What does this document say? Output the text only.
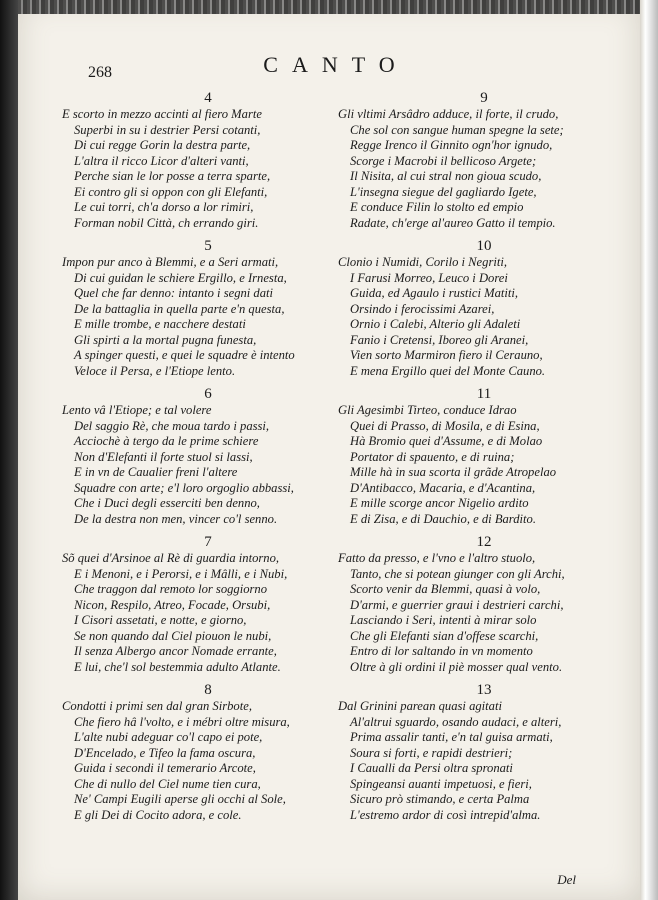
268	CANTO
4
E scorto in mezzo accinti al fiero Marte
Superbi in su i destrier Persi cotanti,
Di cui regge Gorin la destra parte,
L'altra il ricco Licor d'alteri vanti,
Perche sian le lor posse a terra sparte,
Ei contro gli si oppon con gli Elefanti,
Le cui torri, ch'a dorso a lor rimiri,
Forman nobil Città, ch errando giri.
5
Impon pur anco à Blemmi, e a Seri armati,
Di cui guidan le schiere Ergillo, e Irnesta,
Quel che far denno: intanto i segni dati
De la battaglia in quella parte e'n questa,
E mille trombe, e nacchere destati
Gli spirti a la mortal pugna funesta,
A spinger questi, e quei le squadre è intento
Veloce il Persa, e l'Etiope lento.
6
Lento vâ l'Etiope; e tal volere
Del saggio Rè, che moua tardo i passi,
Acciochè à tergo da le prime schiere
Non d'Elefanti il forte stuol si lassi,
E in vn de Caualier freni l'altere
Squadre con arte; e'l loro orgoglio abbassi,
Che i Duci degli esserciti ben denno,
De la destra non men, vincer co'l senno.
7
Sõ quei d'Arsinoe al Rè di guardia intorno,
E i Menoni, e i Perorsi, e i Mâlli, e i Nubi,
Che traggon dal remoto lor soggiorno
Nicon, Respilo, Atreo, Focade, Orsubi,
I Cisori assetati, e notte, e giorno,
Se non quando dal Ciel piouon le nubi,
Il senza Albergo ancor Nomade errante,
E lui, che'l sol bestemmia adulto Atlante.
8
Condotti i primi sen dal gran Sirbote,
Che fiero hâ l'volto, e i mébri oltre misura,
L'alte nubi adeguar co'l capo ei pote,
D'Encelado, e Tifeo la fama oscura,
Guida i secondi il temerario Arcote,
Che di nullo del Ciel nume tien cura,
Ne' Campi Eugili aperse gli occhi al Sole,
E gli Dei di Cocito adora, e cole.
9
Gli vltimi Arsâdro adduce, il forte, il crudo,
Che sol con sangue human spegne la sete;
Regge Irenco il Ginnito ogn'hor ignudo,
Scorge i Macrobi il bellicoso Argete;
Il Nisita, al cui stral non gioua scudo,
L'insegna siegue del gagliardo Igete,
E conduce Filin lo stolto ed empio
Radate, ch'erge al'aureo Gatto il tempio.
10
Clonio i Numidi, Corilo i Negriti,
I Farusi Morreo, Leuco i Dorei
Guida, ed Agaulo i rustici Matiti,
Orsindo i ferocissimi Azarei,
Ornio i Calebi, Alterio gli Adaleti
Fanio i Cretensi, Iboreo gli Aranei,
Vien sorto Marmiron fiero il Cerauno,
E mena Ergillo quei del Monte Cauno.
11
Gli Agesimbi Tirteo, conduce Idrao
Quei di Prasso, di Mosila, e di Esina,
Hà Bromio quei d'Assume, e di Molao
Portator di spauento, e di ruina;
Mille hà in sua scorta il grãde Atropelao
D'Antibacco, Macaria, e d'Acantina,
E mille scorge ancor Nigelio ardito
E di Zisa, e di Dauchio, e di Bardito.
12
Fatto da presso, e l'vno e l'altro stuolo,
Tanto, che si potean giunger con gli Archi,
Scorto venir da Blemmi, quasi à volo,
D'armi, e guerrier graui i destrieri carchi,
Lasciando i Seri, intenti à mirar solo
Che gli Elefanti sian d'offese scarchi,
Entro di lor saltando in vn momento
Oltre à gli ordini il piè mosser qual vento.
13
Dal Grinini parean quasi agitati
Al'altrui sguardo, osando audaci, e alteri,
Prima assalir tanti, e'n tal guisa armati,
Soura si forti, e rapidi destrieri;
I Caualli da Persi oltra spronati
Spingeansi auanti impetuosi, e fieri,
Sicuro prò stimando, e certa Palma
L'estremo ardor di così intrepid'alma.
Del
